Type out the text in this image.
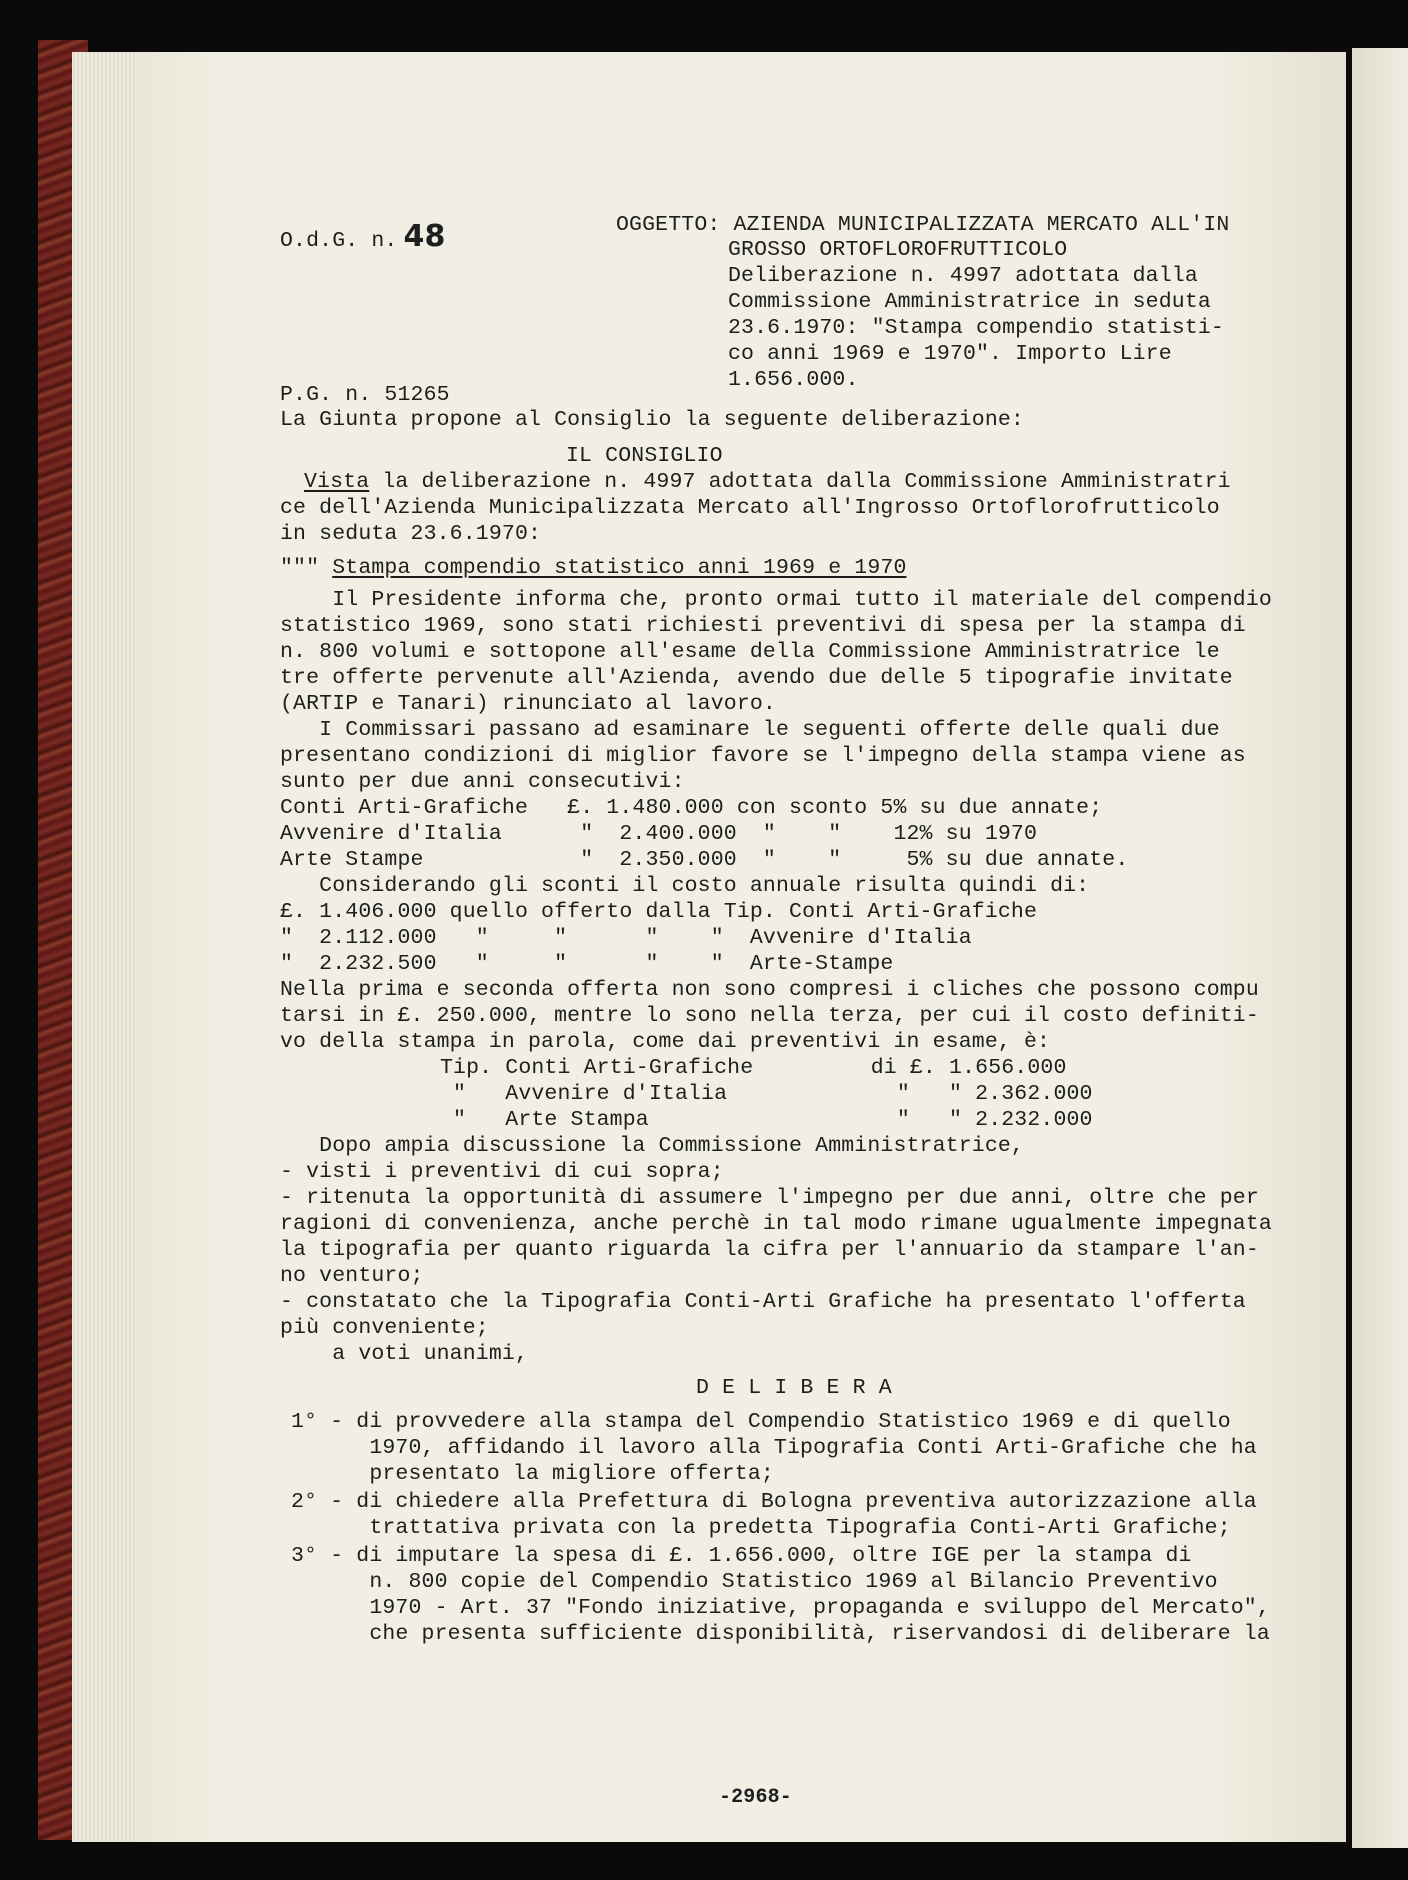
O.d.G. n. 48	OGGETTO: AZIENDA MUNICIPALIZZATA MERCATO ALL'IN
GROSSO ORTOFLOROFRUTTICOLO
Deliberazione n. 4997 adottata dalla
Commissione Amministratrice in seduta
23.6.1970: "Stampa compendio statisti-
co anni 1969 e 1970". Importo Lire
1.656.000.
P.G. n. 51265
La Giunta propone al Consiglio la seguente deliberazione:
IL CONSIGLIO
Vista la deliberazione n. 4997 adottata dalla Commissione Amministratri
ce dell'Azienda Municipalizzata Mercato all'Ingrosso Ortoflorofrutticolo
in seduta 23.6.1970:
""" Stampa compendio statistico anni 1969 e 1970
Il Presidente informa che, pronto ormai tutto il materiale del compendio
statistico 1969, sono stati richiesti preventivi di spesa per la stampa di
n. 800 volumi e sottopone all'esame della Commissione Amministratrice le
tre offerte pervenute all'Azienda, avendo due delle 5 tipografie invitate
(ARTIP e Tanari) rinunciato al lavoro.
I Commissari passano ad esaminare le seguenti offerte delle quali due
presentano condizioni di miglior favore se l'impegno della stampa viene as
sunto per due anni consecutivi:
Conti Arti-Grafiche   £. 1.480.000 con sconto 5% su due annate;
Avvenire d'Italia      "  2.400.000  "    "    12% su 1970
Arte Stampe            "  2.350.000  "    "     5% su due annate.
Considerando gli sconti il costo annuale risulta quindi di:
£. 1.406.000 quello offerto dalla Tip. Conti Arti-Grafiche
"  2.112.000   "     "      "    "  Avvenire d'Italia
"  2.232.500   "     "      "    "  Arte-Stampe
Nella prima e seconda offerta non sono compresi i cliches che possono compu
tarsi in £. 250.000, mentre lo sono nella terza, per cui il costo definiti-
vo della stampa in parola, come dai preventivi in esame, è:
Tip. Conti Arti-Grafiche         di £. 1.656.000
"   Avvenire d'Italia             "   " 2.362.000
"   Arte Stampa                   "   " 2.232.000
Dopo ampia discussione la Commissione Amministratrice,
- visti i preventivi di cui sopra;
- ritenuta la opportunità di assumere l'impegno per due anni, oltre che per
ragioni di convenienza, anche perchè in tal modo rimane ugualmente impegnata
la tipografia per quanto riguarda la cifra per l'annuario da stampare l'an-
no venturo;
- constatato che la Tipografia Conti-Arti Grafiche ha presentato l'offerta
più conveniente;
a voti unanimi,
D E L I B E R A
1° - di provvedere alla stampa del Compendio Statistico 1969 e di quello
1970, affidando il lavoro alla Tipografia Conti Arti-Grafiche che ha
presentato la migliore offerta;
2° - di chiedere alla Prefettura di Bologna preventiva autorizzazione alla
trattativa privata con la predetta Tipografia Conti-Arti Grafiche;
3° - di imputare la spesa di £. 1.656.000, oltre IGE per la stampa di
n. 800 copie del Compendio Statistico 1969 al Bilancio Preventivo
1970 - Art. 37 "Fondo iniziative, propaganda e sviluppo del Mercato",
che presenta sufficiente disponibilità, riservandosi di deliberare la
-2968-
